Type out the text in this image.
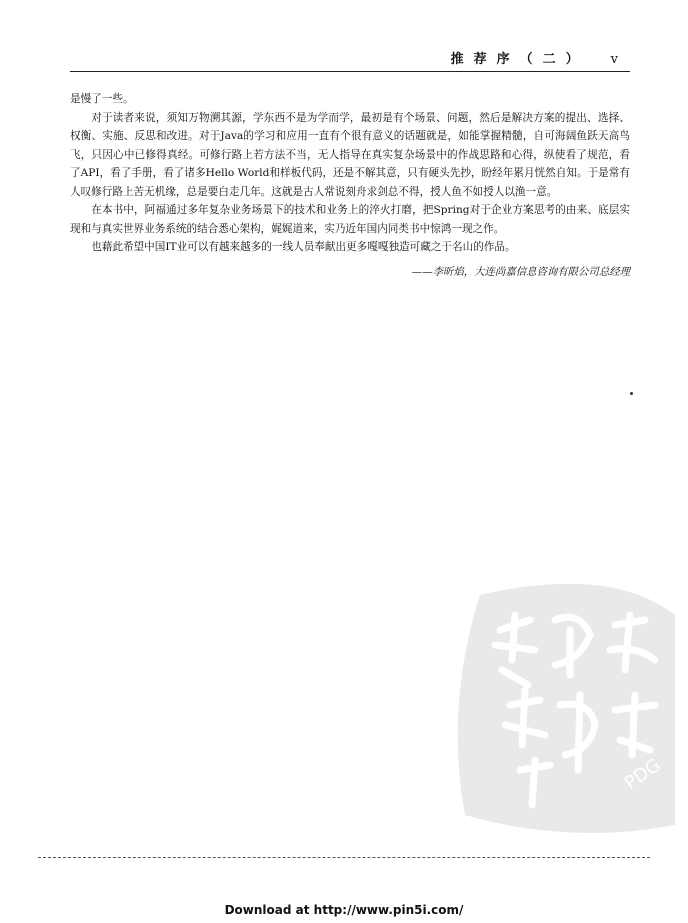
推荐序（二） v

是慢了一些。

对于读者来说，须知万物溯其源，学东西不是为学而学，最初是有个场景、问题，然后是解决方案的提出、选择、权衡、实施、反思和改进。对于Java的学习和应用一直有个很有意义的话题就是，如能掌握精髓，自可海阔鱼跃天高鸟飞，只因心中已修得真经。可修行路上若方法不当，无人指导在真实复杂场景中的作战思路和心得，纵使看了规范，看了API，看了手册，看了诸多Hello World和样板代码，还是不解其意，只有硬头先抄，盼经年累月恍然自知。于是常有人叹修行路上苦无机缘，总是要白走几年。这就是古人常说刻舟求剑总不得，授人鱼不如授人以渔一意。

在本书中，阿福通过多年复杂业务场景下的技术和业务上的淬火打磨，把Spring对于企业方案思考的由来、底层实现和与真实世界业务系统的结合悉心架构，娓娓道来，实乃近年国内同类书中惊鸿一现之作。

也藉此希望中国IT业可以有越来越多的一线人员奉献出更多嘎嘎独造可藏之于名山的作品。

——李昕焰，大连尚嘉信息咨询有限公司总经理

PDG
Download at http://www.pin5i.com/
